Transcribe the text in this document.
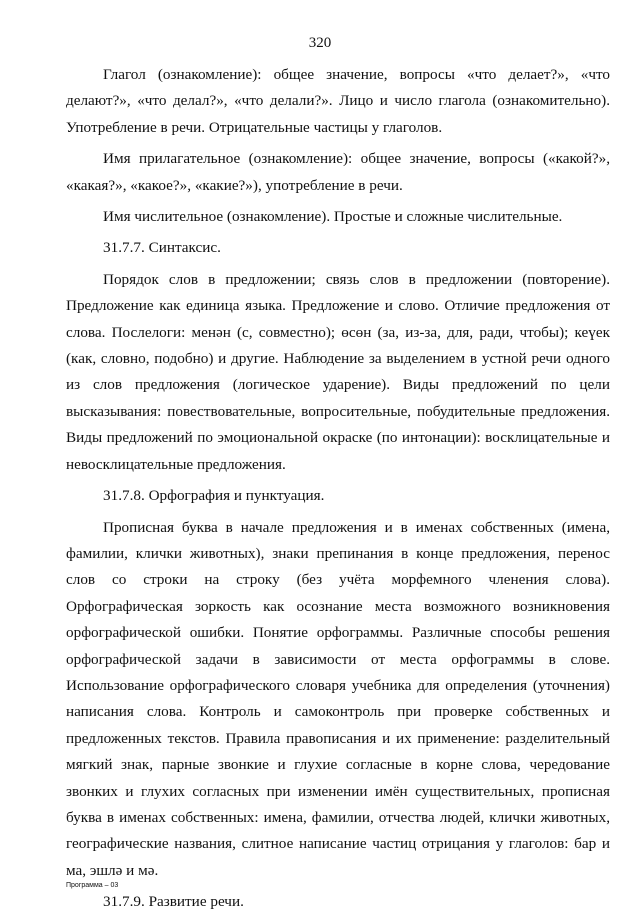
320

Глагол (ознакомление): общее значение, вопросы «что делает?», «что делают?», «что делал?», «что делали?». Лицо и число глагола (ознакомительно). Употребление в речи. Отрицательные частицы у глаголов.

Имя прилагательное (ознакомление): общее значение, вопросы («какой?», «какая?», «какое?», «какие?»), употребление в речи.

Имя числительное (ознакомление). Простые и сложные числительные.

31.7.7. Синтаксис.

Порядок слов в предложении; связь слов в предложении (повторение). Предложение как единица языка. Предложение и слово. Отличие предложения от слова. Послелоги: менән (с, совместно); өсөн (за, из-за, для, ради, чтобы); кеүек (как, словно, подобно) и другие. Наблюдение за выделением в устной речи одного из слов предложения (логическое ударение). Виды предложений по цели высказывания: повествовательные, вопросительные, побудительные предложения. Виды предложений по эмоциональной окраске (по интонации): восклицательные и невосклицательные предложения.

31.7.8. Орфография и пунктуация.

Прописная буква в начале предложения и в именах собственных (имена, фамилии, клички животных), знаки препинания в конце предложения, перенос слов со строки на строку (без учёта морфемного членения слова). Орфографическая зоркость как осознание места возможного возникновения орфографической ошибки. Понятие орфограммы. Различные способы решения орфографической задачи в зависимости от места орфограммы в слове. Использование орфографического словаря учебника для определения (уточнения) написания слова. Контроль и самоконтроль при проверке собственных и предложенных текстов. Правила правописания и их применение: разделительный мягкий знак, парные звонкие и глухие согласные в корне слова, чередование звонких и глухих согласных при изменении имён существительных, прописная буква в именах собственных: имена, фамилии, отчества людей, клички животных, географические названия, слитное написание частиц отрицания у глаголов: бар и ма, эшлә и мә.

31.7.9. Развитие речи.

Программа – 03
